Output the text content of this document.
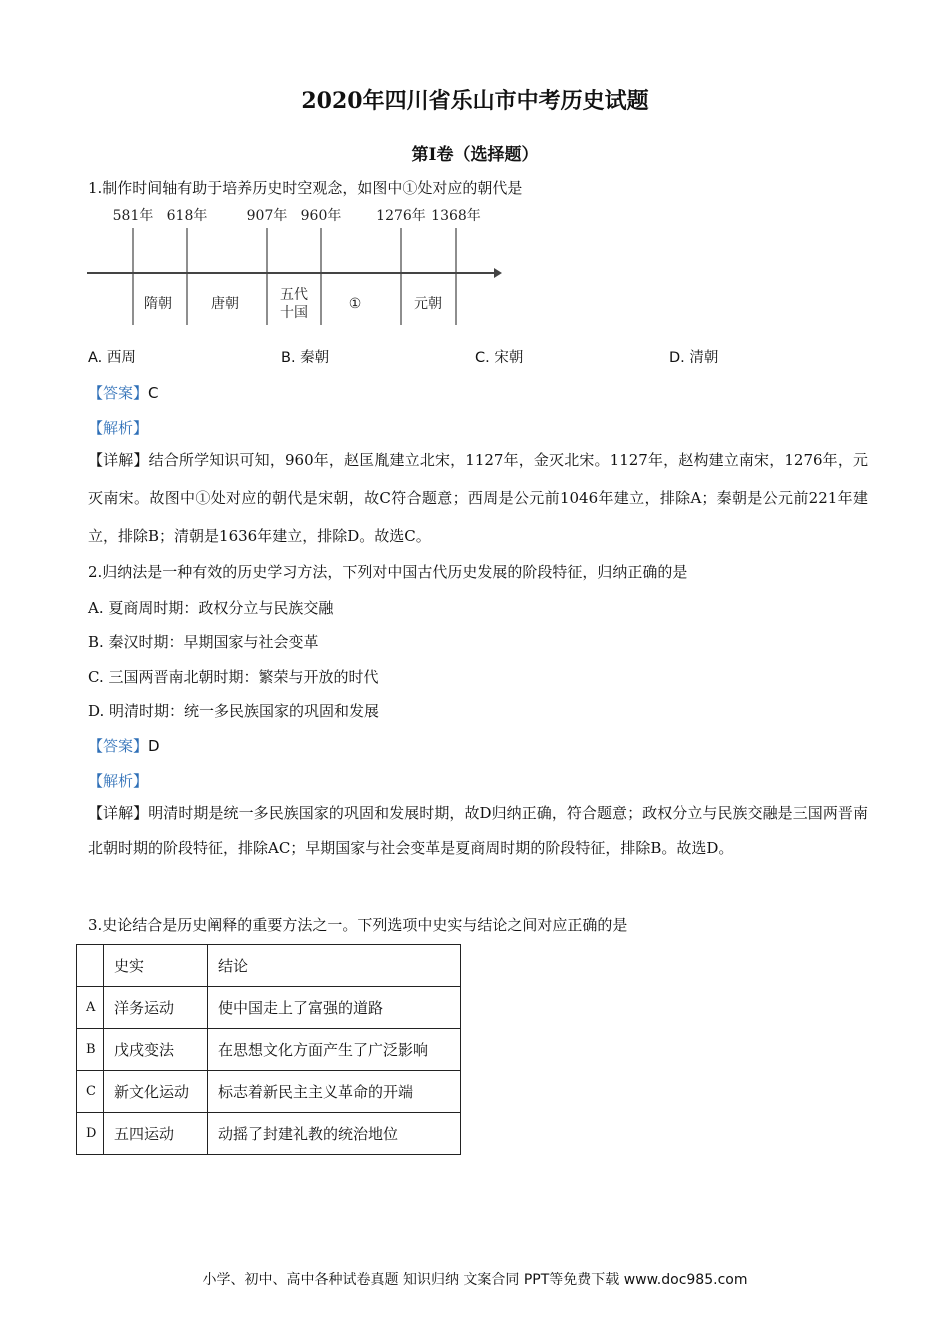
2020年四川省乐山市中考历史试题
第Ⅰ卷（选择题）
1.制作时间轴有助于培养历史时空观念，如图中①处对应的朝代是
581年 618年	907年 960年 1276年 1368年
隋朝	唐朝
五代
十国
①	元朝
A. 西周	B. 秦朝	C. 宋朝	D. 清朝
【答案】C
【解析】
【详解】结合所学知识可知，960年，赵匡胤建立北宋，1127年，金灭北宋。1127年，赵构建立南宋，1276年，元灭南宋。故图中①处对应的朝代是宋朝，故C符合题意；西周是公元前1046年建立，排除A；秦朝是公元前221年建立，排除B；清朝是1636年建立，排除D。故选C。
2.归纳法是一种有效的历史学习方法，下列对中国古代历史发展的阶段特征，归纳正确的是
A. 夏商周时期：政权分立与民族交融
B. 秦汉时期：早期国家与社会变革
C. 三国两晋南北朝时期：繁荣与开放的时代
D. 明清时期：统一多民族国家的巩固和发展
【答案】D
【解析】
【详解】明清时期是统一多民族国家的巩固和发展时期，故D归纳正确，符合题意；政权分立与民族交融是三国两晋南北朝时期的阶段特征，排除AC；早期国家与社会变革是夏商周时期的阶段特征，排除B。故选D。
3.史论结合是历史阐释的重要方法之一。下列选项中史实与结论之间对应正确的是
	史实	结论
A	洋务运动	使中国走上了富强的道路
B	戊戌变法	在思想文化方面产生了广泛影响
C	新文化运动	标志着新民主主义革命的开端
D	五四运动	动摇了封建礼教的统治地位
小学、初中、高中各种试卷真题 知识归纳 文案合同 PPT等免费下载 www.doc985.com
